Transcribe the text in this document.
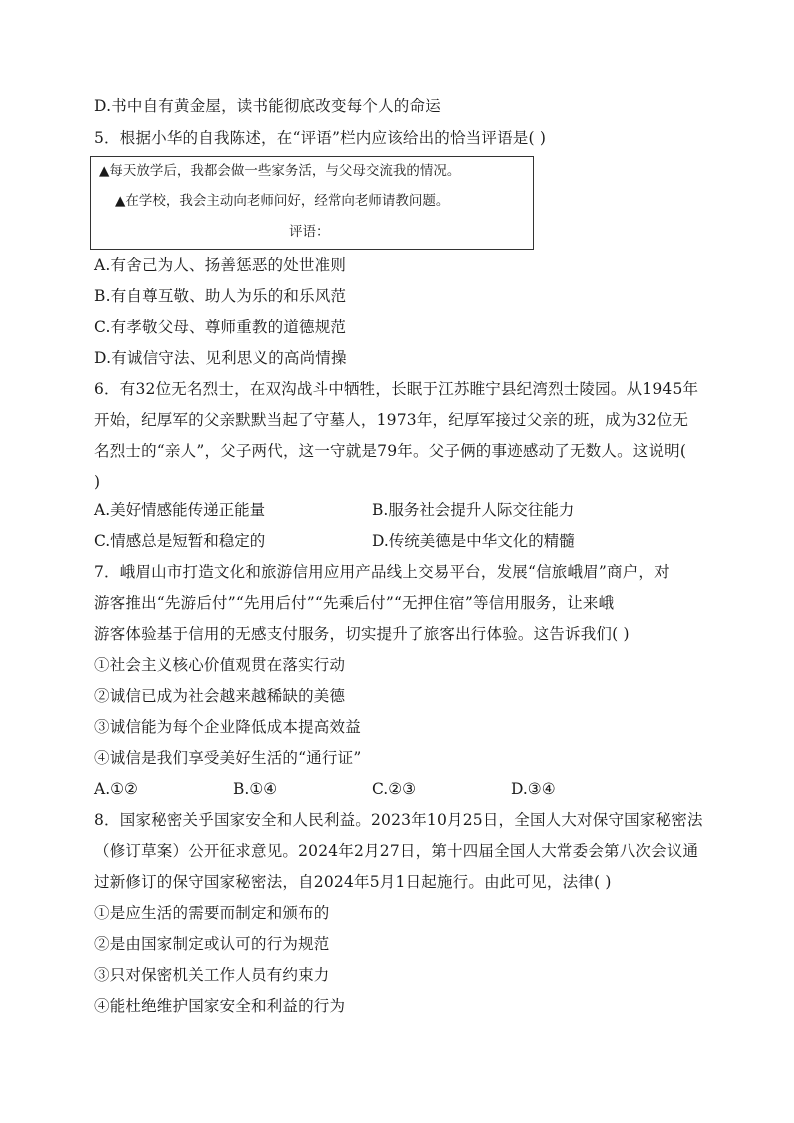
D.书中自有黄金屋，读书能彻底改变每个人的命运
5．根据小华的自我陈述，在“评语”栏内应该给出的恰当评语是( )
▲每天放学后，我都会做一些家务活，与父母交流我的情况。
▲在学校，我会主动向老师问好，经常向老师请教问题。
评语：
A.有舍己为人、扬善惩恶的处世准则
B.有自尊互敬、助人为乐的和乐风范
C.有孝敬父母、尊师重教的道德规范
D.有诚信守法、见利思义的高尚情操
6．有32位无名烈士，在双沟战斗中牺牲，长眠于江苏睢宁县纪湾烈士陵园。从1945年
开始，纪厚军的父亲默默当起了守墓人，1973年，纪厚军接过父亲的班，成为32位无
名烈士的“亲人”，父子两代，这一守就是79年。父子俩的事迹感动了无数人。这说明(
)
A.美好情感能传递正能量	B.服务社会提升人际交往能力
C.情感总是短暂和稳定的	D.传统美德是中华文化的精髓
7．峨眉山市打造文化和旅游信用应用产品线上交易平台，发展“信旅峨眉”商户，对
游客推出“先游后付”“先用后付”“先乘后付”“无押住宿”等信用服务，让来峨
游客体验基于信用的无感支付服务，切实提升了旅客出行体验。这告诉我们( )
①社会主义核心价值观贯在落实行动
②诚信已成为社会越来越稀缺的美德
③诚信能为每个企业降低成本提高效益
④诚信是我们享受美好生活的“通行证”
A.①②	B.①④	C.②③	D.③④
8．国家秘密关乎国家安全和人民利益。2023年10月25日，全国人大对保守国家秘密法
（修订草案）公开征求意见。2024年2月27日，第十四届全国人大常委会第八次会议通
过新修订的保守国家秘密法，自2024年5月1日起施行。由此可见，法律( )
①是应生活的需要而制定和颁布的
②是由国家制定或认可的行为规范
③只对保密机关工作人员有约束力
④能杜绝维护国家安全和利益的行为
